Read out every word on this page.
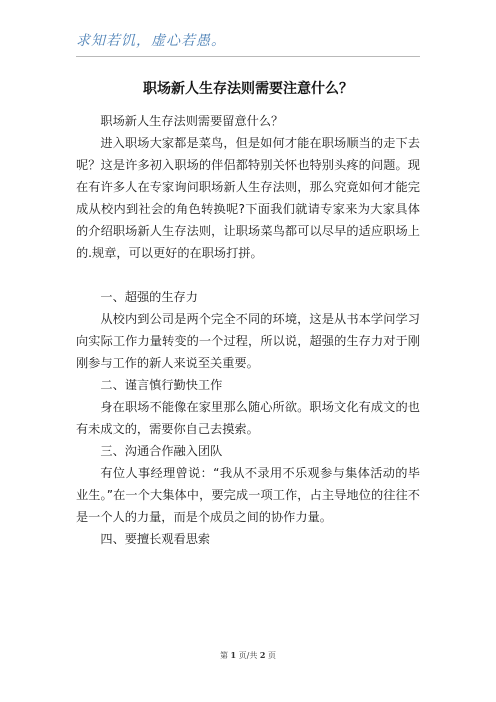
求知若饥，虚心若愚。
职场新人生存法则需要注意什么？

职场新人生存法则需要留意什么？

进入职场大家都是菜鸟，但是如何才能在职场顺当的走下去呢？这是许多初入职场的伴侣都特别关怀也特别头疼的问题。现在有许多人在专家询问职场新人生存法则，那么究竟如何才能完成从校内到社会的角色转换呢?下面我们就请专家来为大家具体的介绍职场新人生存法则，让职场菜鸟都可以尽早的适应职场上的.规章，可以更好的在职场打拼。

一、超强的生存力

从校内到公司是两个完全不同的环境，这是从书本学问学习向实际工作力量转变的一个过程，所以说，超强的生存力对于刚刚参与工作的新人来说至关重要。

二、谨言慎行勤快工作

身在职场不能像在家里那么随心所欲。职场文化有成文的也有未成文的，需要你自己去摸索。

三、沟通合作融入团队

有位人事经理曾说：“我从不录用不乐观参与集体活动的毕业生。”在一个大集体中，要完成一项工作，占主导地位的往往不是一个人的力量，而是个成员之间的协作力量。

四、要擅长观看思索

第 1 页/共 2 页
